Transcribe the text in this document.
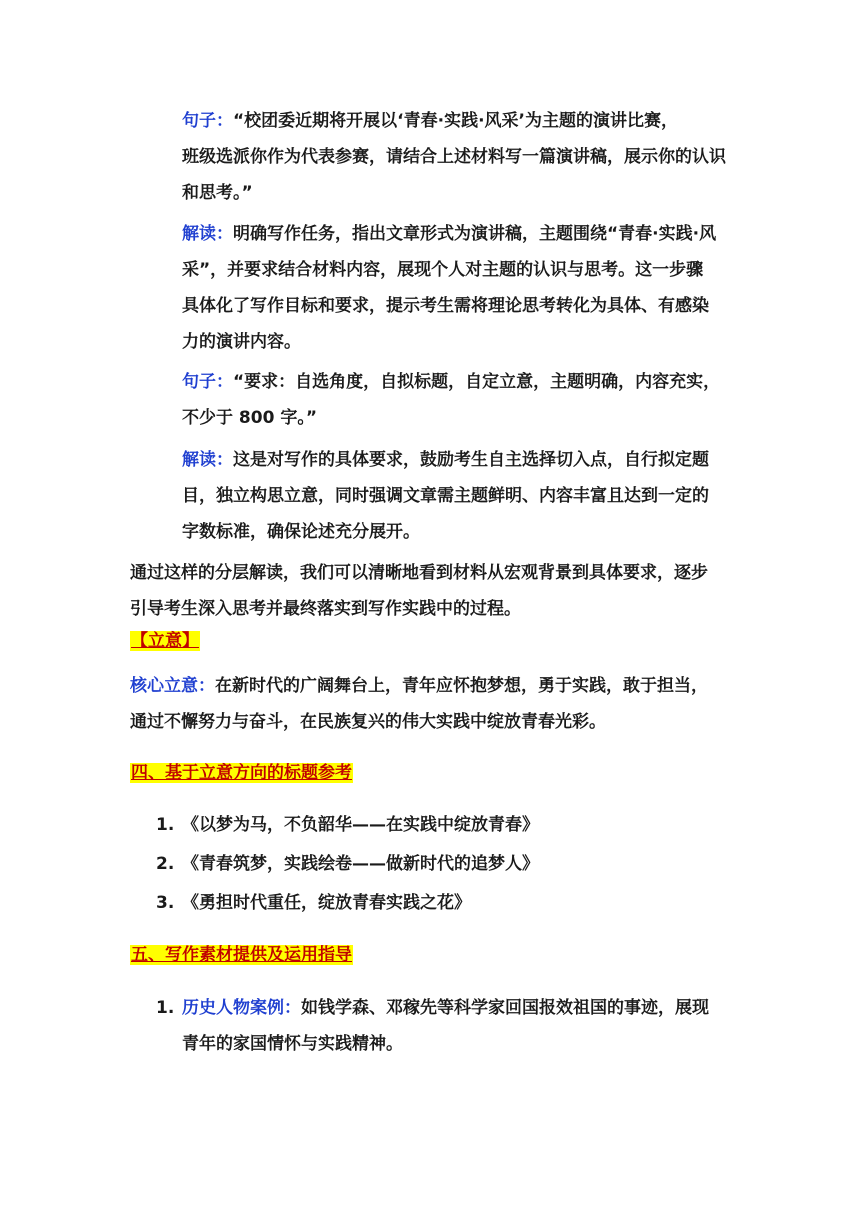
句子：“校团委近期将开展以‘青春·实践·风采’为主题的演讲比赛，
班级选派你作为代表参赛，请结合上述材料写一篇演讲稿，展示你的认识
和思考。”
解读：明确写作任务，指出文章形式为演讲稿，主题围绕“青春·实践·风
采”，并要求结合材料内容，展现个人对主题的认识与思考。这一步骤
具体化了写作目标和要求，提示考生需将理论思考转化为具体、有感染
力的演讲内容。
句子：“要求：自选角度，自拟标题，自定立意，主题明确，内容充实，
不少于 800 字。”
解读：这是对写作的具体要求，鼓励考生自主选择切入点，自行拟定题
目，独立构思立意，同时强调文章需主题鲜明、内容丰富且达到一定的
字数标准，确保论述充分展开。
通过这样的分层解读，我们可以清晰地看到材料从宏观背景到具体要求，逐步
引导考生深入思考并最终落实到写作实践中的过程。
【立意】
核心立意：在新时代的广阔舞台上，青年应怀抱梦想，勇于实践，敢于担当，
通过不懈努力与奋斗，在民族复兴的伟大实践中绽放青春光彩。
四、基于立意方向的标题参考
1. 《以梦为马，不负韶华——在实践中绽放青春》
2. 《青春筑梦，实践绘卷——做新时代的追梦人》
3. 《勇担时代重任，绽放青春实践之花》
五、写作素材提供及运用指导
1. 历史人物案例：如钱学森、邓稼先等科学家回国报效祖国的事迹，展现
青年的家国情怀与实践精神。
